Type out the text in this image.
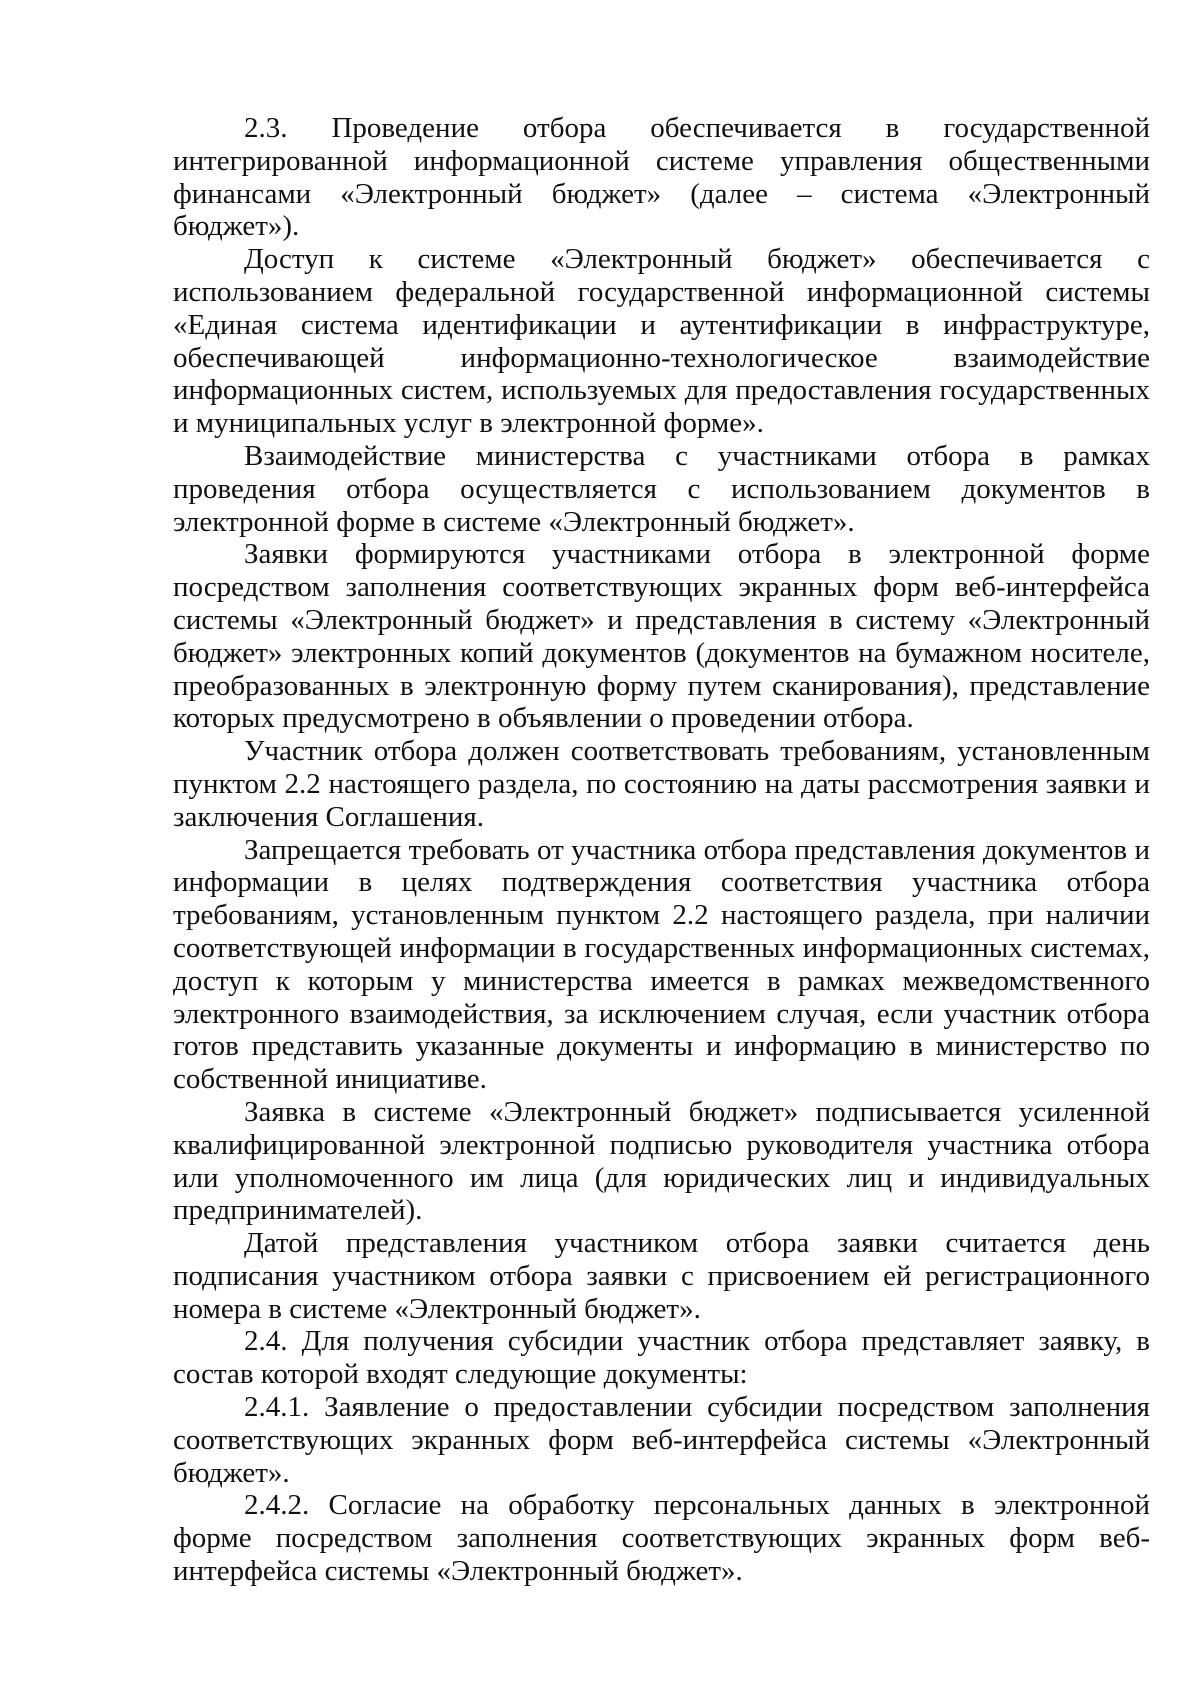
2.3. Проведение отбора обеспечивается в государственной интегрированной информационной системе управления общественными финансами «Электронный бюджет» (далее – система «Электронный бюджет»).

Доступ к системе «Электронный бюджет» обеспечивается с использованием федеральной государственной информационной системы «Единая система идентификации и аутентификации в инфраструктуре, обеспечивающей информационно-технологическое взаимодействие информационных систем, используемых для предоставления государственных и муниципальных услуг в электронной форме».

Взаимодействие министерства с участниками отбора в рамках проведения отбора осуществляется с использованием документов в электронной форме в системе «Электронный бюджет».

Заявки формируются участниками отбора в электронной форме посредством заполнения соответствующих экранных форм веб-интерфейса системы «Электронный бюджет» и представления в систему «Электронный бюджет» электронных копий документов (документов на бумажном носителе, преобразованных в электронную форму путем сканирования), представление которых предусмотрено в объявлении о проведении отбора.

Участник отбора должен соответствовать требованиям, установленным пунктом 2.2 настоящего раздела, по состоянию на даты рассмотрения заявки и заключения Соглашения.

Запрещается требовать от участника отбора представления документов и информации в целях подтверждения соответствия участника отбора требованиям, установленным пунктом 2.2 настоящего раздела, при наличии соответствующей информации в государственных информационных системах, доступ к которым у министерства имеется в рамках межведомственного электронного взаимодействия, за исключением случая, если участник отбора готов представить указанные документы и информацию в министерство по собственной инициативе.

Заявка в системе «Электронный бюджет» подписывается усиленной квалифицированной электронной подписью руководителя участника отбора или уполномоченного им лица (для юридических лиц и индивидуальных предпринимателей).

Датой представления участником отбора заявки считается день подписания участником отбора заявки с присвоением ей регистрационного номера в системе «Электронный бюджет».

2.4. Для получения субсидии участник отбора представляет заявку, в состав которой входят следующие документы:

2.4.1. Заявление о предоставлении субсидии посредством заполнения соответствующих экранных форм веб-интерфейса системы «Электронный бюджет».

2.4.2. Согласие на обработку персональных данных в электронной форме посредством заполнения соответствующих экранных форм веб-интерфейса системы «Электронный бюджет».
